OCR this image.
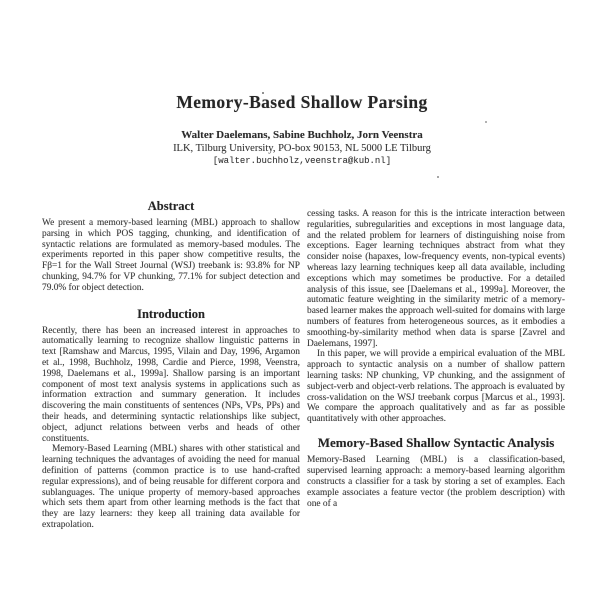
Memory-Based Shallow Parsing

Walter Daelemans, Sabine Buchholz, Jorn Veenstra

ILK, Tilburg University, PO-box 90153, NL 5000 LE Tilburg

[walter.buchholz,veenstra@kub.nl]

Abstract

We present a memory-based learning (MBL) approach to shallow parsing in which POS tagging, chunking, and identification of syntactic relations are formulated as memory-based modules. The experiments reported in this paper show competitive results, the Fβ=1 for the Wall Street Journal (WSJ) treebank is: 93.8% for NP chunking, 94.7% for VP chunking, 77.1% for subject detection and 79.0% for object detection.

Introduction

Recently, there has been an increased interest in approaches to automatically learning to recognize shallow linguistic patterns in text [Ramshaw and Marcus, 1995, Vilain and Day, 1996, Argamon et al., 1998, Buchholz, 1998, Cardie and Pierce, 1998, Veenstra, 1998, Daelemans et al., 1999a]. Shallow parsing is an important component of most text analysis systems in applications such as information extraction and summary generation. It includes discovering the main constituents of sentences (NPs, VPs, PPs) and their heads, and determining syntactic relationships like subject, object, adjunct relations between verbs and heads of other constituents.

Memory-Based Learning (MBL) shares with other statistical and learning techniques the advantages of avoiding the need for manual definition of patterns (common practice is to use hand-crafted regular expressions), and of being reusable for different corpora and sublanguages. The unique property of memory-based approaches which sets them apart from other learning methods is the fact that they are lazy learners: they keep all training data available for extrapolation.

cessing tasks. A reason for this is the intricate interaction between regularities, subregularities and exceptions in most language data, and the related problem for learners of distinguishing noise from exceptions. Eager learning techniques abstract from what they consider noise (hapaxes, low-frequency events, non-typical events) whereas lazy learning techniques keep all data available, including exceptions which may sometimes be productive. For a detailed analysis of this issue, see [Daelemans et al., 1999a]. Moreover, the automatic feature weighting in the similarity metric of a memory-based learner makes the approach well-suited for domains with large numbers of features from heterogeneous sources, as it embodies a smoothing-by-similarity method when data is sparse [Zavrel and Daelemans, 1997].

In this paper, we will provide a empirical evaluation of the MBL approach to syntactic analysis on a number of shallow pattern learning tasks: NP chunking, VP chunking, and the assignment of subject-verb and object-verb relations. The approach is evaluated by cross-validation on the WSJ treebank corpus [Marcus et al., 1993]. We compare the approach qualitatively and as far as possible quantitatively with other approaches.

Memory-Based Shallow Syntactic Analysis

Memory-Based Learning (MBL) is a classification-based, supervised learning approach: a memory-based learning algorithm constructs a classifier for a task by storing a set of examples. Each example associates a feature vector (the problem description) with one of a
